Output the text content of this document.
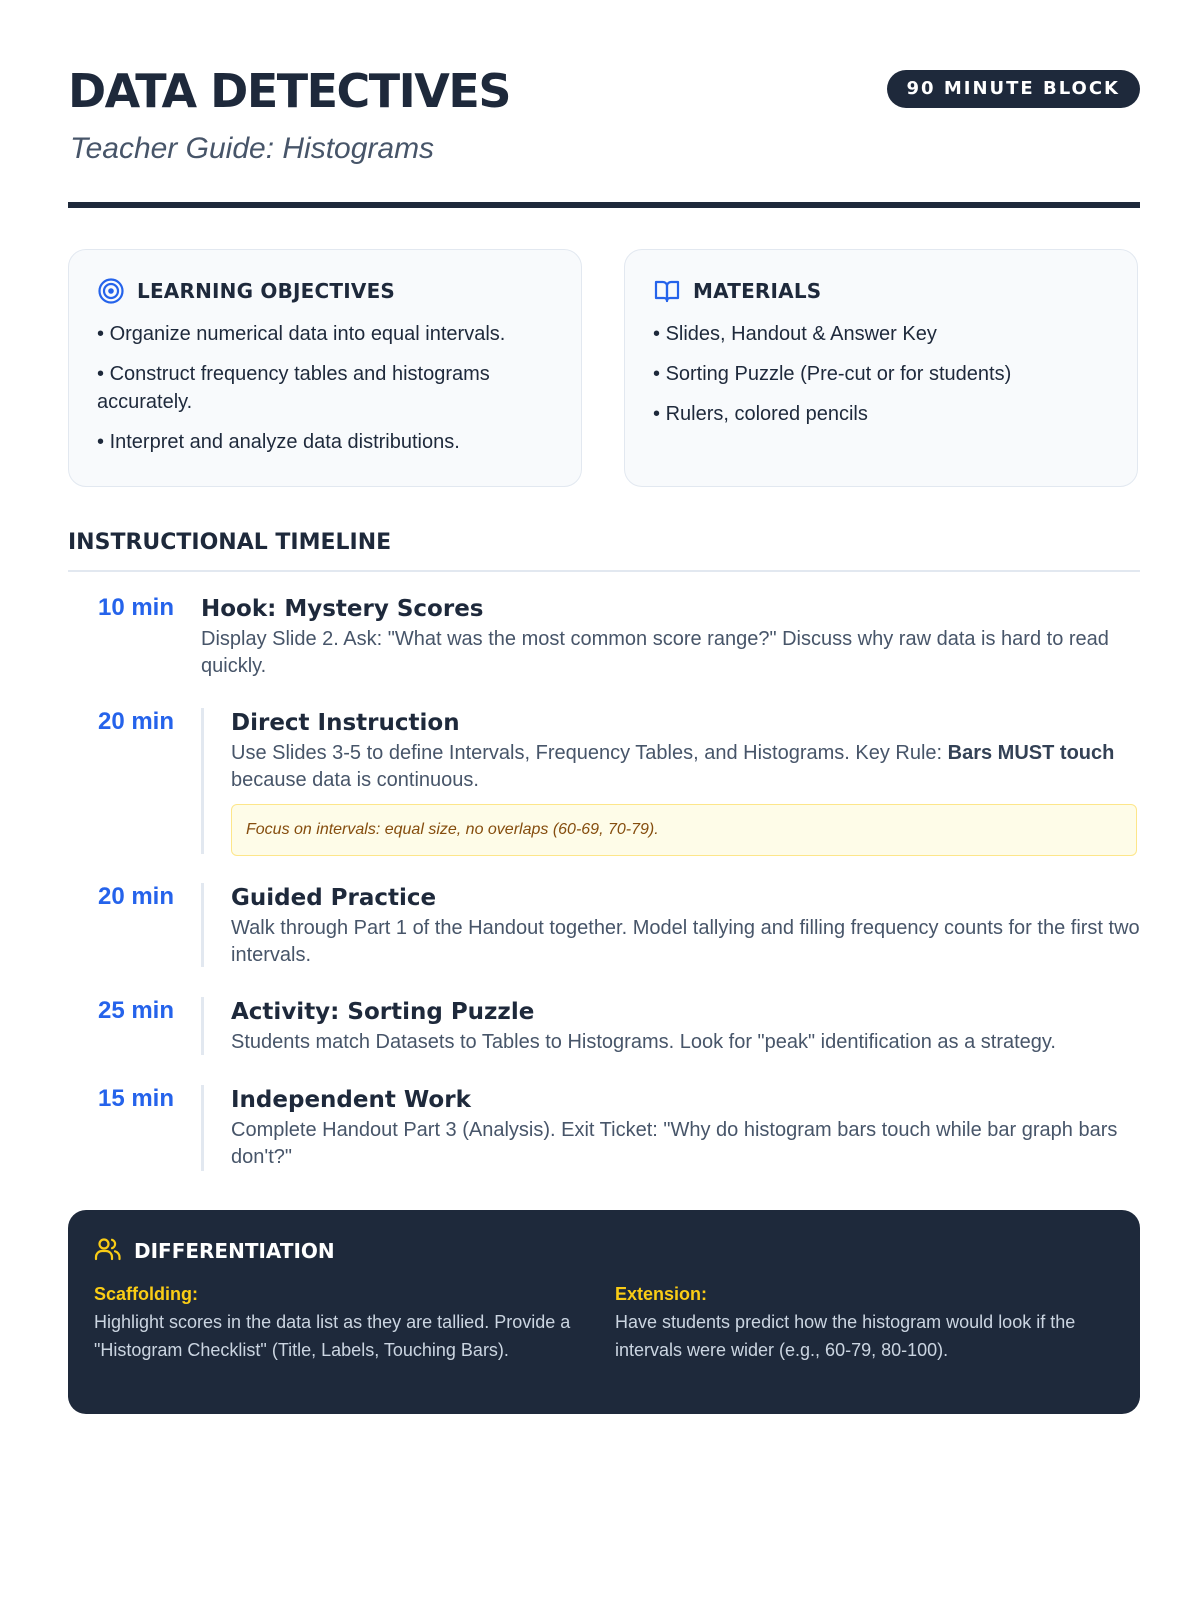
DATA DETECTIVES
Teacher Guide: Histograms
90 MINUTE BLOCK
LEARNING OBJECTIVES
• Organize numerical data into equal intervals.
• Construct frequency tables and histograms accurately.
• Interpret and analyze data distributions.
MATERIALS
• Slides, Handout & Answer Key
• Sorting Puzzle (Pre-cut or for students)
• Rulers, colored pencils
INSTRUCTIONAL TIMELINE
10 min Hook: Mystery Scores
Display Slide 2. Ask: "What was the most common score range?" Discuss why raw data is hard to read quickly.
20 min Direct Instruction
Use Slides 3-5 to define Intervals, Frequency Tables, and Histograms. Key Rule: Bars MUST touch because data is continuous.
Focus on intervals: equal size, no overlaps (60-69, 70-79).
20 min Guided Practice
Walk through Part 1 of the Handout together. Model tallying and filling frequency counts for the first two intervals.
25 min Activity: Sorting Puzzle
Students match Datasets to Tables to Histograms. Look for "peak" identification as a strategy.
15 min Independent Work
Complete Handout Part 3 (Analysis). Exit Ticket: "Why do histogram bars touch while bar graph bars don't?"
DIFFERENTIATION
Scaffolding:
Highlight scores in the data list as they are tallied. Provide a "Histogram Checklist" (Title, Labels, Touching Bars).
Extension:
Have students predict how the histogram would look if the intervals were wider (e.g., 60-79, 80-100).
